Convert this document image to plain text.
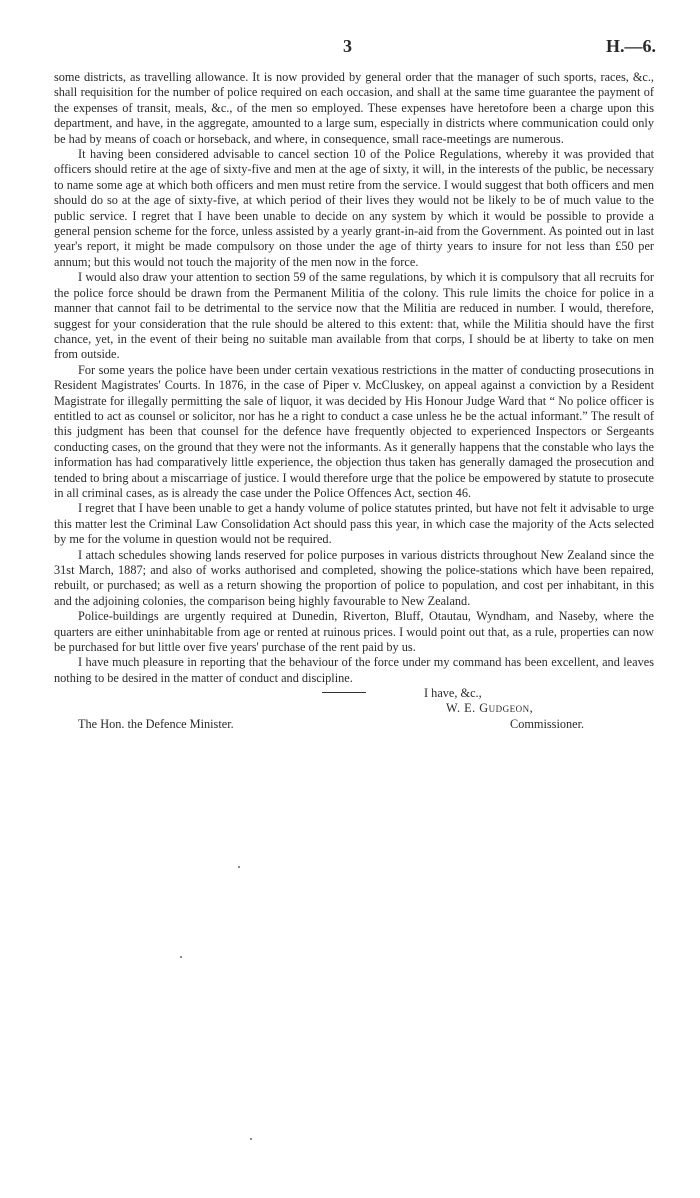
3	H.—6.

some districts, as travelling allowance. It is now provided by general order that the manager of such sports, races, &c., shall requisition for the number of police required on each occasion, and shall at the same time guarantee the payment of the expenses of transit, meals, &c., of the men so employed. These expenses have heretofore been a charge upon this department, and have, in the aggregate, amounted to a large sum, especially in districts where communication could only be had by means of coach or horseback, and where, in consequence, small race-meetings are numerous.

It having been considered advisable to cancel section 10 of the Police Regulations, whereby it was provided that officers should retire at the age of sixty-five and men at the age of sixty, it will, in the interests of the public, be necessary to name some age at which both officers and men must retire from the service. I would suggest that both officers and men should do so at the age of sixty-five, at which period of their lives they would not be likely to be of much value to the public service. I regret that I have been unable to decide on any system by which it would be possible to provide a general pension scheme for the force, unless assisted by a yearly grant-in-aid from the Government. As pointed out in last year's report, it might be made compulsory on those under the age of thirty years to insure for not less than £50 per annum; but this would not touch the majority of the men now in the force.

I would also draw your attention to section 59 of the same regulations, by which it is compulsory that all recruits for the police force should be drawn from the Permanent Militia of the colony. This rule limits the choice for police in a manner that cannot fail to be detrimental to the service now that the Militia are reduced in number. I would, therefore, suggest for your consideration that the rule should be altered to this extent: that, while the Militia should have the first chance, yet, in the event of their being no suitable man available from that corps, I should be at liberty to take on men from outside.

For some years the police have been under certain vexatious restrictions in the matter of conducting prosecutions in Resident Magistrates' Courts. In 1876, in the case of Piper v. McCluskey, on appeal against a conviction by a Resident Magistrate for illegally permitting the sale of liquor, it was decided by His Honour Judge Ward that “ No police officer is entitled to act as counsel or solicitor, nor has he a right to conduct a case unless he be the actual informant.” The result of this judgment has been that counsel for the defence have frequently objected to experienced Inspectors or Sergeants conducting cases, on the ground that they were not the informants. As it generally happens that the constable who lays the information has had comparatively little experience, the objection thus taken has generally damaged the prosecution and tended to bring about a miscarriage of justice. I would therefore urge that the police be empowered by statute to prosecute in all criminal cases, as is already the case under the Police Offences Act, section 46.

I regret that I have been unable to get a handy volume of police statutes printed, but have not felt it advisable to urge this matter lest the Criminal Law Consolidation Act should pass this year, in which case the majority of the Acts selected by me for the volume in question would not be required.

I attach schedules showing lands reserved for police purposes in various districts throughout New Zealand since the 31st March, 1887; and also of works authorised and completed, showing the police-stations which have been repaired, rebuilt, or purchased; as well as a return showing the proportion of police to population, and cost per inhabitant, in this and the adjoining colonies, the comparison being highly favourable to New Zealand.

Police-buildings are urgently required at Dunedin, Riverton, Bluff, Otautau, Wyndham, and Naseby, where the quarters are either uninhabitable from age or rented at ruinous prices. I would point out that, as a rule, properties can now be purchased for but little over five years' purchase of the rent paid by us.

I have much pleasure in reporting that the behaviour of the force under my command has been excellent, and leaves nothing to be desired in the matter of conduct and discipline.

I have, &c.,
W. E. Gudgeon,
The Hon. the Defence Minister.	Commissioner.
